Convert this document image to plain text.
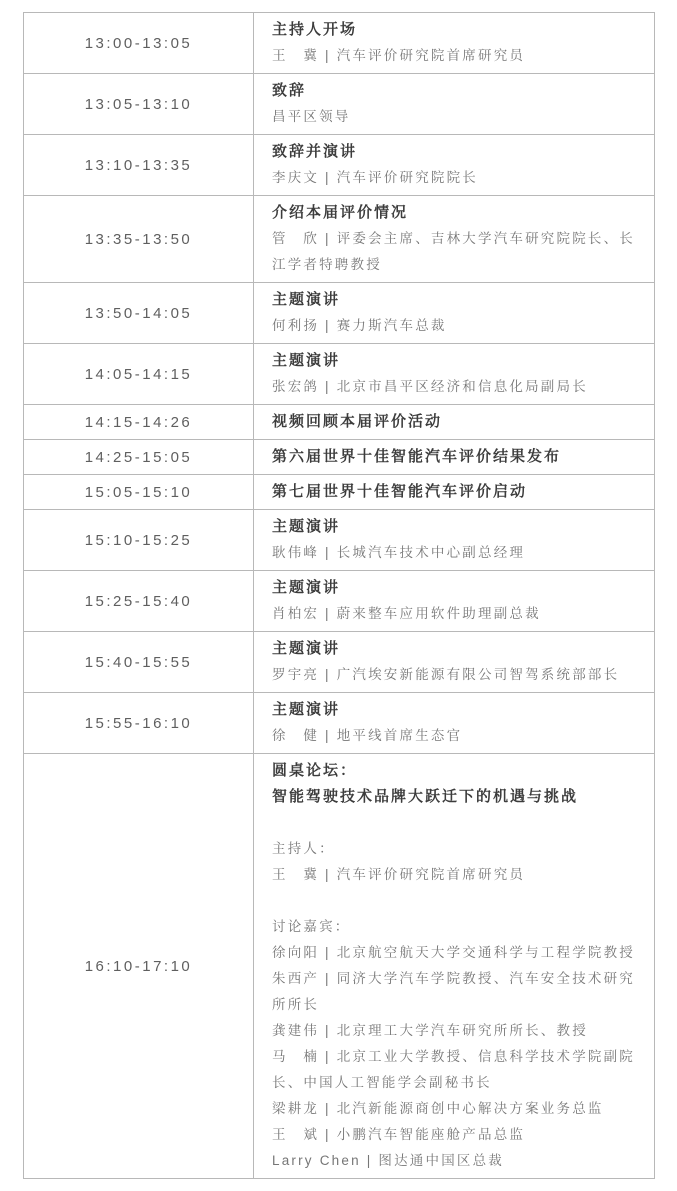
13:00-13:05	主持人开场
王　冀 | 汽车评价研究院首席研究员

13:05-13:10	致辞
昌平区领导

13:10-13:35	致辞并演讲
李庆文 | 汽车评价研究院院长

13:35-13:50	介绍本届评价情况
管　欣 | 评委会主席、吉林大学汽车研究院院长、长江学者特聘教授

13:50-14:05	主题演讲
何利扬 | 赛力斯汽车总裁

14:05-14:15	主题演讲
张宏鸽 | 北京市昌平区经济和信息化局副局长

14:15-14:26	视频回顾本届评价活动

14:25-15:05	第六届世界十佳智能汽车评价结果发布

15:05-15:10	第七届世界十佳智能汽车评价启动

15:10-15:25	主题演讲
耿伟峰 | 长城汽车技术中心副总经理

15:25-15:40	主题演讲
肖柏宏 | 蔚来整车应用软件助理副总裁

15:40-15:55	主题演讲
罗宇亮 | 广汽埃安新能源有限公司智驾系统部部长

15:55-16:10	主题演讲
徐　健 | 地平线首席生态官

16:10-17:10	
圆桌论坛：
智能驾驶技术品牌大跃迁下的机遇与挑战
主持人：
王　冀 | 汽车评价研究院首席研究员
讨论嘉宾：
徐向阳 | 北京航空航天大学交通科学与工程学院教授
朱西产 | 同济大学汽车学院教授、汽车安全技术研究所所长
龚建伟 | 北京理工大学汽车研究所所长、教授
马　楠 | 北京工业大学教授、信息科学技术学院副院长、中国人工智能学会副秘书长
梁耕龙 | 北汽新能源商创中心解决方案业务总监
王　斌 | 小鹏汽车智能座舱产品总监
Larry Chen | 图达通中国区总裁
